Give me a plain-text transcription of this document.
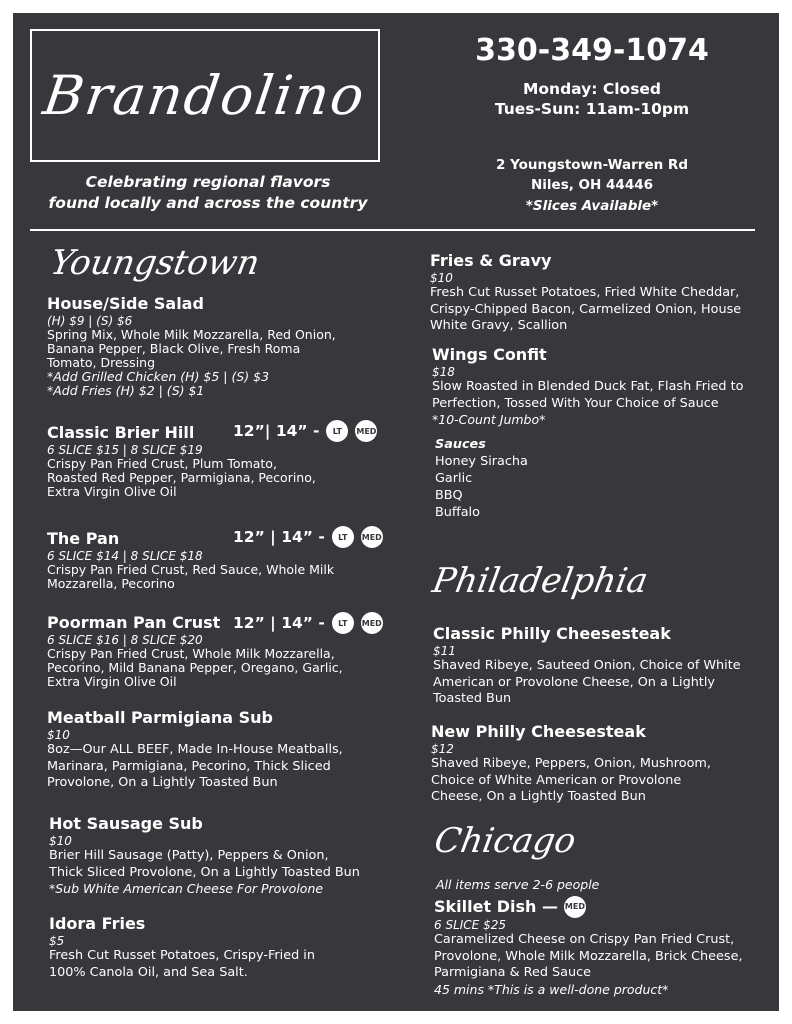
Brandolino
Celebrating regional flavors
found locally and across the country
330-349-1074
Monday: Closed
Tues-Sun: 11am-10pm
2 Youngstown-Warren Rd
Niles, OH 44446
*Slices Available*
Youngstown
House/Side Salad
(H) $9 | (S) $6
Spring Mix, Whole Milk Mozzarella, Red Onion,
Banana Pepper, Black Olive, Fresh Roma
Tomato, Dressing
*Add Grilled Chicken (H) $5 | (S) $3
*Add Fries (H) $2 | (S) $1
Classic Brier Hill
6 SLICE $15 | 8 SLICE $19
Crispy Pan Fried Crust, Plum Tomato,
Roasted Red Pepper, Parmigiana, Pecorino,
Extra Virgin Olive Oil
12”| 14” -	LT	MED
The Pan
6 SLICE $14 | 8 SLICE $18
Crispy Pan Fried Crust, Red Sauce, Whole Milk
Mozzarella, Pecorino
12” | 14” -	LT	MED
Poorman Pan Crust
6 SLICE $16 | 8 SLICE $20
Crispy Pan Fried Crust, Whole Milk Mozzarella,
Pecorino, Mild Banana Pepper, Oregano, Garlic,
Extra Virgin Olive Oil
12” | 14” -	LT	MED
Meatball Parmigiana Sub
$10
8oz—Our ALL BEEF, Made In-House Meatballs,
Marinara, Parmigiana, Pecorino, Thick Sliced
Provolone, On a Lightly Toasted Bun
Hot Sausage Sub
$10
Brier Hill Sausage (Patty), Peppers & Onion,
Thick Sliced Provolone, On a Lightly Toasted Bun
*Sub White American Cheese For Provolone
Idora Fries
$5
Fresh Cut Russet Potatoes, Crispy-Fried in
100% Canola Oil, and Sea Salt.
Fries & Gravy
$10
Fresh Cut Russet Potatoes, Fried White Cheddar,
Crispy-Chipped Bacon, Carmelized Onion, House
White Gravy, Scallion
Wings Confit
$18
Slow Roasted in Blended Duck Fat, Flash Fried to
Perfection, Tossed With Your Choice of Sauce
*10-Count Jumbo*
Sauces
Honey Siracha
Garlic
BBQ
Buffalo
Philadelphia
Classic Philly Cheesesteak
$11
Shaved Ribeye, Sauteed Onion, Choice of White
American or Provolone Cheese, On a Lightly
Toasted Bun
New Philly Cheesesteak
$12
Shaved Ribeye, Peppers, Onion, Mushroom,
Choice of White American or Provolone
Cheese, On a Lightly Toasted Bun
Chicago
All items serve 2-6 people
Skillet Dish — MED
6 SLICE $25
Caramelized Cheese on Crispy Pan Fried Crust,
Provolone, Whole Milk Mozzarella, Brick Cheese,
Parmigiana & Red Sauce
45 mins *This is a well-done product*
